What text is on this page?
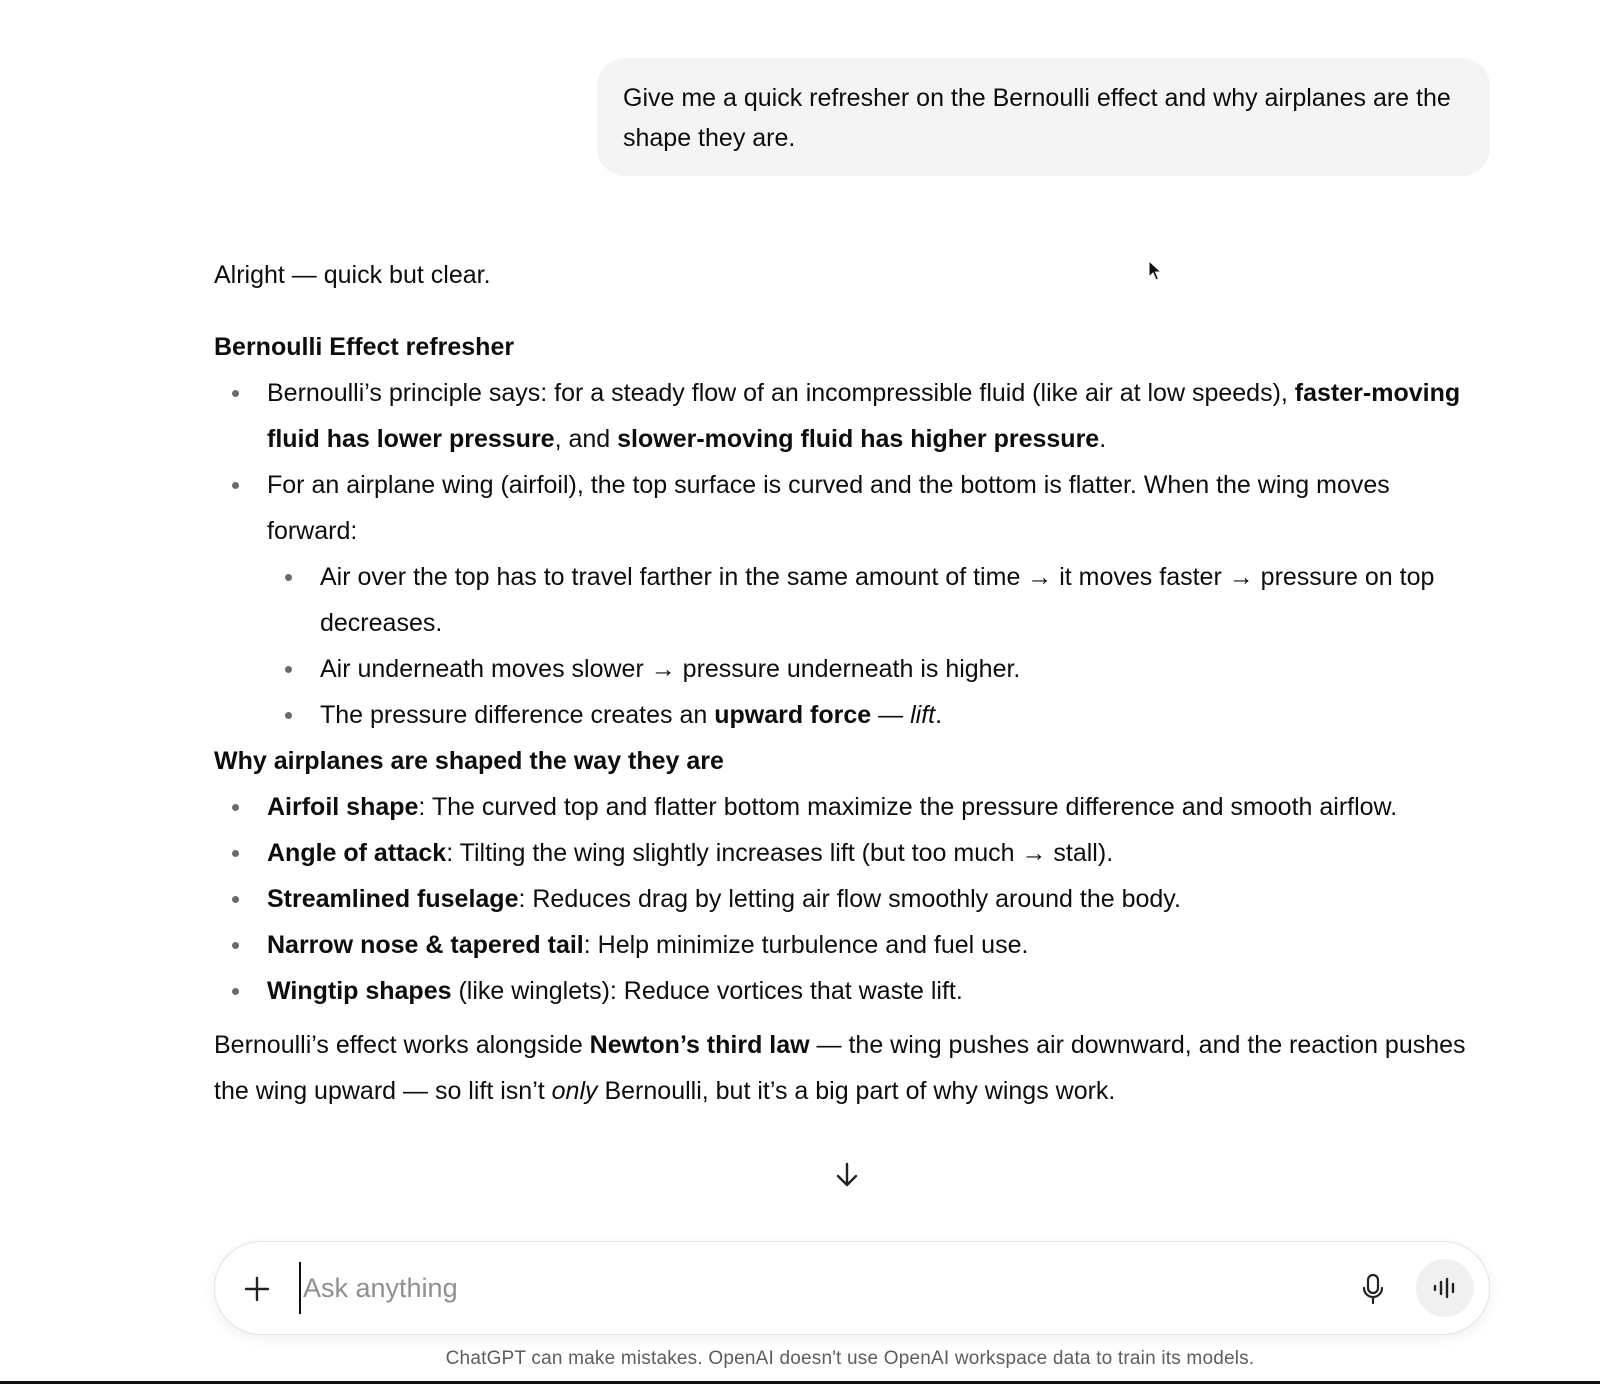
Give me a quick refresher on the Bernoulli effect and why airplanes are the shape they are.

Alright — quick but clear.

Bernoulli Effect refresher

Bernoulli’s principle says: for a steady flow of an incompressible fluid (like air at low speeds), faster-moving fluid has lower pressure, and slower-moving fluid has higher pressure.
For an airplane wing (airfoil), the top surface is curved and the bottom is flatter. When the wing moves forward:
Air over the top has to travel farther in the same amount of time → it moves faster → pressure on top decreases.
Air underneath moves slower → pressure underneath is higher.
The pressure difference creates an upward force — lift.

Why airplanes are shaped the way they are

Airfoil shape: The curved top and flatter bottom maximize the pressure difference and smooth airflow.
Angle of attack: Tilting the wing slightly increases lift (but too much → stall).
Streamlined fuselage: Reduces drag by letting air flow smoothly around the body.
Narrow nose & tapered tail: Help minimize turbulence and fuel use.
Wingtip shapes (like winglets): Reduce vortices that waste lift.

Bernoulli’s effect works alongside Newton’s third law — the wing pushes air downward, and the reaction pushes the wing upward — so lift isn’t only Bernoulli, but it’s a big part of why wings work.

Ask anything
ChatGPT can make mistakes. OpenAI doesn't use OpenAI workspace data to train its models.
